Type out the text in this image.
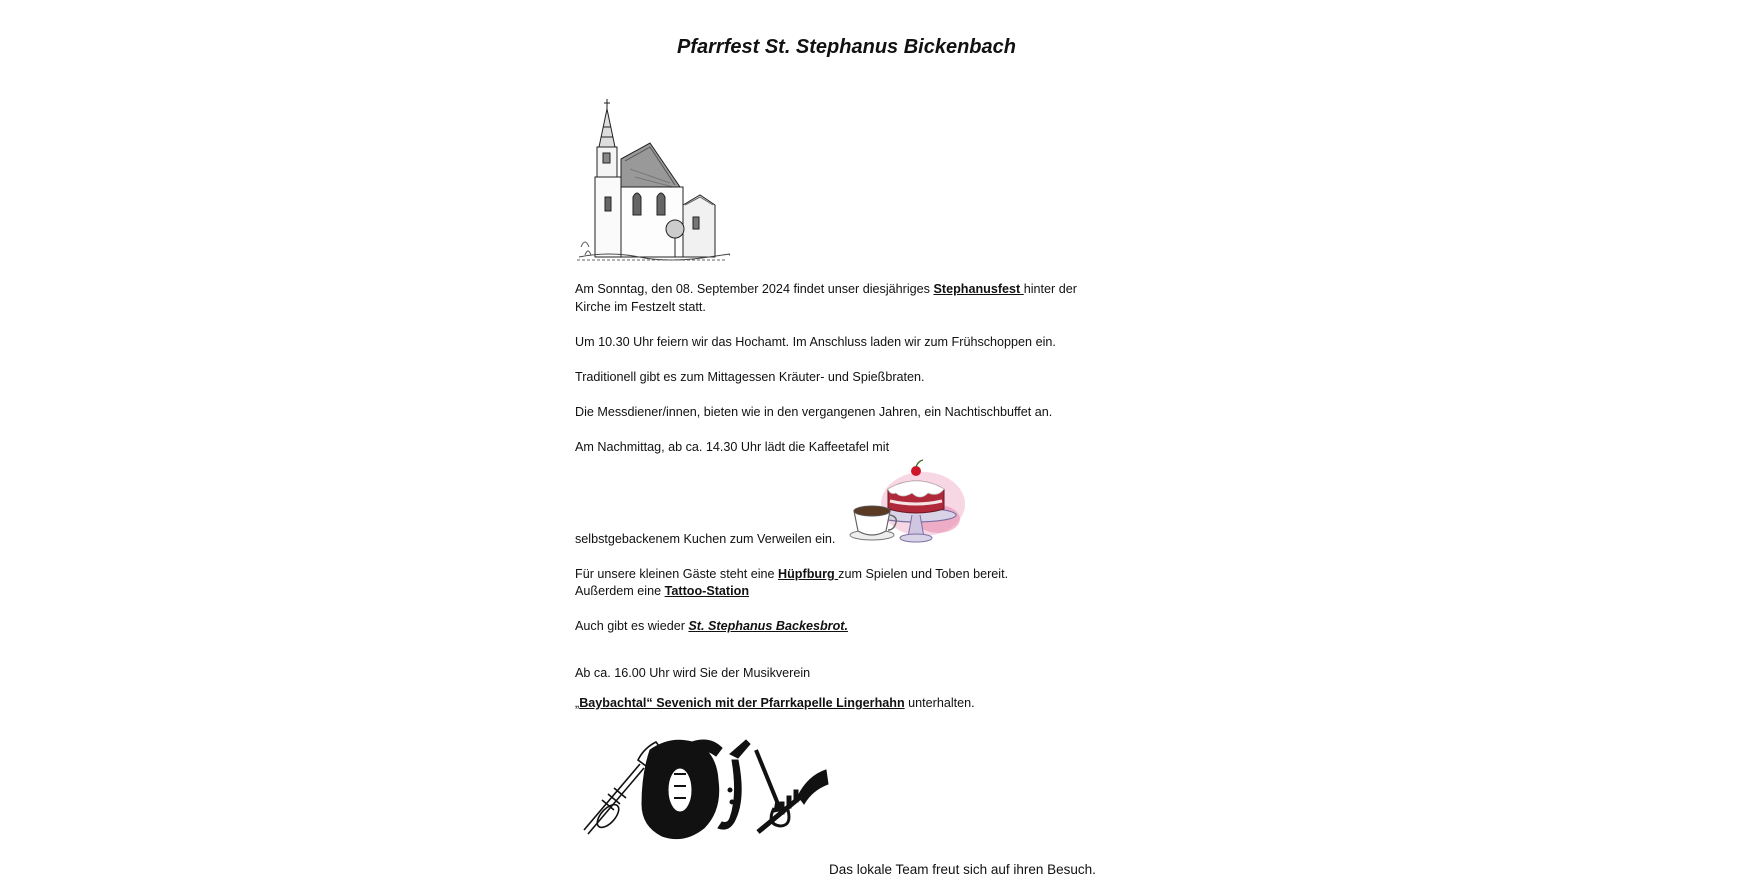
Pfarrfest St. Stephanus Bickenbach
Am Sonntag, den 08. September 2024 findet unser diesjähriges Stephanusfest hinter der
Kirche im Festzelt statt.
Um 10.30 Uhr feiern wir das Hochamt. Im Anschluss laden wir zum Frühschoppen ein.
Traditionell gibt es zum Mittagessen Kräuter- und Spießbraten.
Die Messdiener/innen, bieten wie in den vergangenen Jahren, ein Nachtischbuffet an.
Am Nachmittag, ab ca. 14.30 Uhr lädt die Kaffeetafel mit
selbstgebackenem Kuchen zum Verweilen ein.
Für unsere kleinen Gäste steht eine Hüpfburg zum Spielen und Toben bereit.
Außerdem eine Tattoo-Station
Auch gibt es wieder St. Stephanus Backesbrot.
Ab ca. 16.00 Uhr wird Sie der Musikverein
„Baybachtal“ Sevenich mit der Pfarrkapelle Lingerhahn unterhalten.
Das lokale Team freut sich auf ihren Besuch.
